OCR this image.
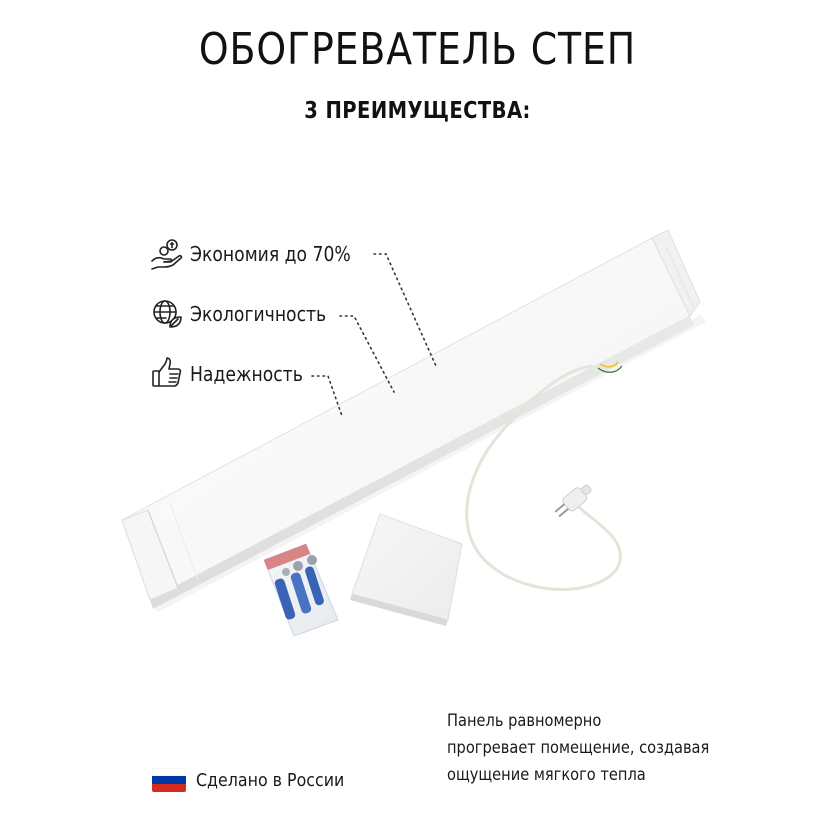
ОБОГРЕВАТЕЛЬ СТЕП
3 ПРЕИМУЩЕСТВА:
Экономия до 70%
Экологичность
Надежность
Сделано в России
Панель равномерно
прогревает помещение, создавая
ощущение мягкого тепла
